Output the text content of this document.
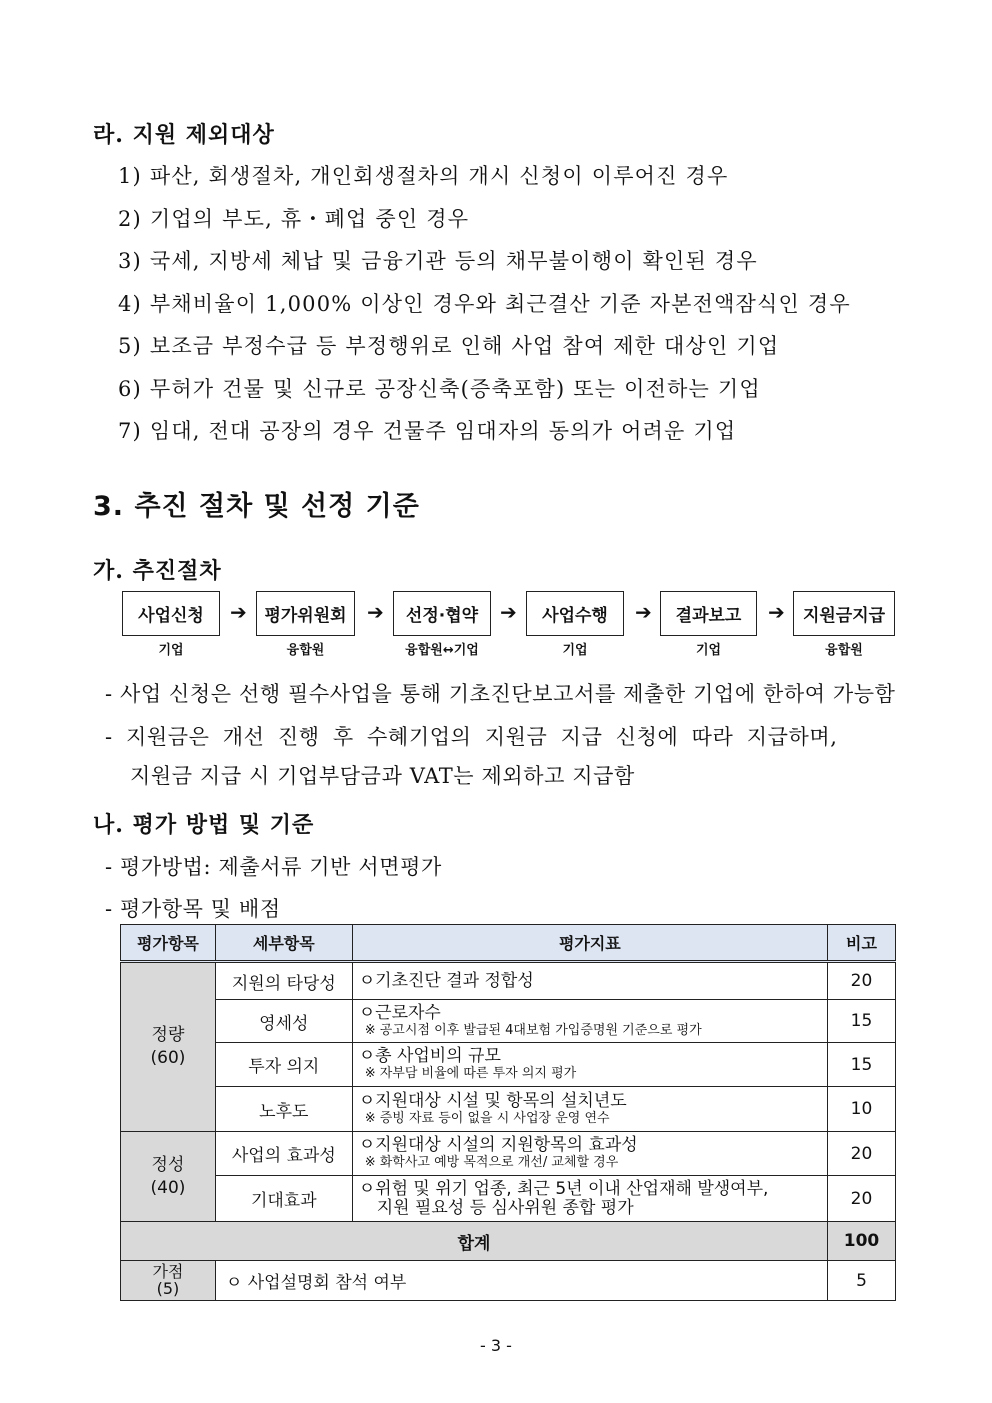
라. 지원 제외대상
1) 파산, 회생절차, 개인회생절차의 개시 신청이 이루어진 경우
2) 기업의 부도, 휴・폐업 중인 경우
3) 국세, 지방세 체납 및 금융기관 등의 채무불이행이 확인된 경우
4) 부채비율이 1,000% 이상인 경우와 최근결산 기준 자본전액잠식인 경우
5) 보조금 부정수급 등 부정행위로 인해 사업 참여 제한 대상인 기업
6) 무허가 건물 및 신규로 공장신축(증축포함) 또는 이전하는 기업
7) 임대, 전대 공장의 경우 건물주 임대자의 동의가 어려운 기업
3. 추진 절차 및 선정 기준
가. 추진절차
사업신청
기업
➔	평가위원회
융합원
➔	선정·협약
융합원↔기업
➔	사업수행
기업
➔	결과보고
기업
➔	지원금지급
융합원
- 사업 신청은 선행 필수사업을 통해 기초진단보고서를 제출한 기업에 한하여 가능함
- 지원금은 개선 진행 후 수혜기업의 지원금 지급 신청에 따라 지급하며,
지원금 지급 시 기업부담금과 VAT는 제외하고 지급함
나. 평가 방법 및 기준
- 평가방법: 제출서류 기반 서면평가
- 평가항목 및 배점
평가항목	세부항목	평가지표	비고
정량
(60)	지원의 타당성	ㅇ기초진단 결과 정합성	20
	영세성	ㅇ근로자수
※ 공고시점 이후 발급된 4대보험 가입증명원 기준으로 평가	15
	투자 의지	ㅇ총 사업비의 규모
※ 자부담 비율에 따른 투자 의지 평가	15
	노후도	ㅇ지원대상 시설 및 항목의 설치년도
※ 증빙 자료 등이 없을 시 사업장 운영 연수	10
정성
(40)	사업의 효과성	ㅇ지원대상 시설의 지원항목의 효과성
※ 화학사고 예방 목적으로 개선/ 교체할 경우	20
	기대효과	ㅇ위험 및 위기 업종, 최근 5년 이내 산업재해 발생여부,
지원 필요성 등 심사위원 종합 평가	20
합계			100
가점
(5)	ㅇ 사업설명회 참석 여부		5
- 3 -
